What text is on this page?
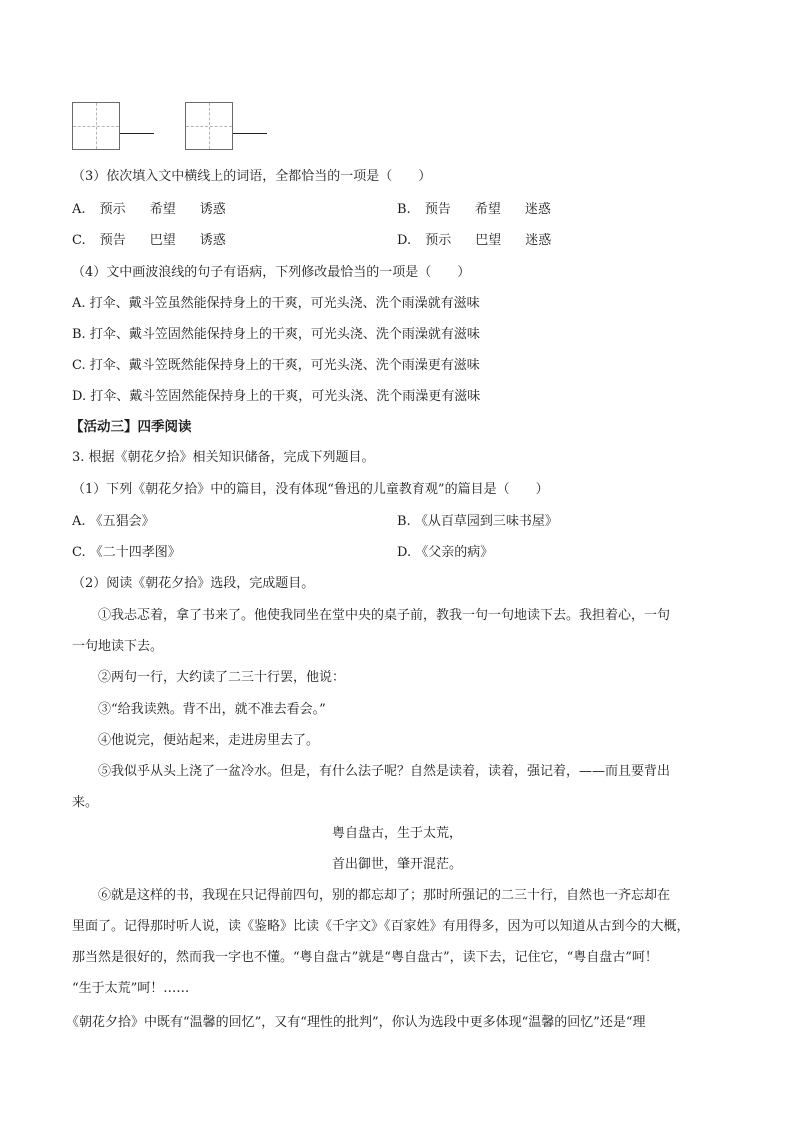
（3）依次填入文中横线上的词语，全都恰当的一项是（　　）
A. 预示 希望 诱惑	B. 预告 希望 迷惑
C. 预告 巴望 诱惑	D. 预示 巴望 迷惑
（4）文中画波浪线的句子有语病，下列修改最恰当的一项是（　　）
A. 打伞、戴斗笠虽然能保持身上的干爽，可光头浇、洗个雨澡就有滋味
B. 打伞、戴斗笠固然能保持身上的干爽，可光头浇、洗个雨澡就有滋味
C. 打伞、戴斗笠既然能保持身上的干爽，可光头浇、洗个雨澡更有滋味
D. 打伞、戴斗笠固然能保持身上的干爽，可光头浇、洗个雨澡更有滋味
【活动三】四季阅读
3. 根据《朝花夕拾》相关知识储备，完成下列题目。
（1）下列《朝花夕拾》中的篇目，没有体现“鲁迅的儿童教育观”的篇目是（　　）
A. 《五猖会》	B. 《从百草园到三味书屋》
C. 《二十四孝图》	D. 《父亲的病》
（2）阅读《朝花夕拾》选段，完成题目。
①我忐忑着，拿了书来了。他使我同坐在堂中央的桌子前，教我一句一句地读下去。我担着心，一句
一句地读下去。
②两句一行，大约读了二三十行罢，他说：
③“给我读熟。背不出，就不准去看会。”
④他说完，便站起来，走进房里去了。
⑤我似乎从头上浇了一盆冷水。但是，有什么法子呢？自然是读着，读着，强记着，——而且要背出
来。
粤自盘古，生于太荒，
首出御世，肇开混茫。
⑥就是这样的书，我现在只记得前四句，别的都忘却了；那时所强记的二三十行，自然也一齐忘却在
里面了。记得那时听人说，读《鉴略》比读《千字文》《百家姓》有用得多，因为可以知道从古到今的大概，
那当然是很好的，然而我一字也不懂。“粤自盘古”就是“粤自盘古”，读下去，记住它，“粤自盘古”呵！
“生于太荒”呵！……
《朝花夕拾》中既有“温馨的回忆”，又有“理性的批判”，你认为选段中更多体现“温馨的回忆”还是“理
